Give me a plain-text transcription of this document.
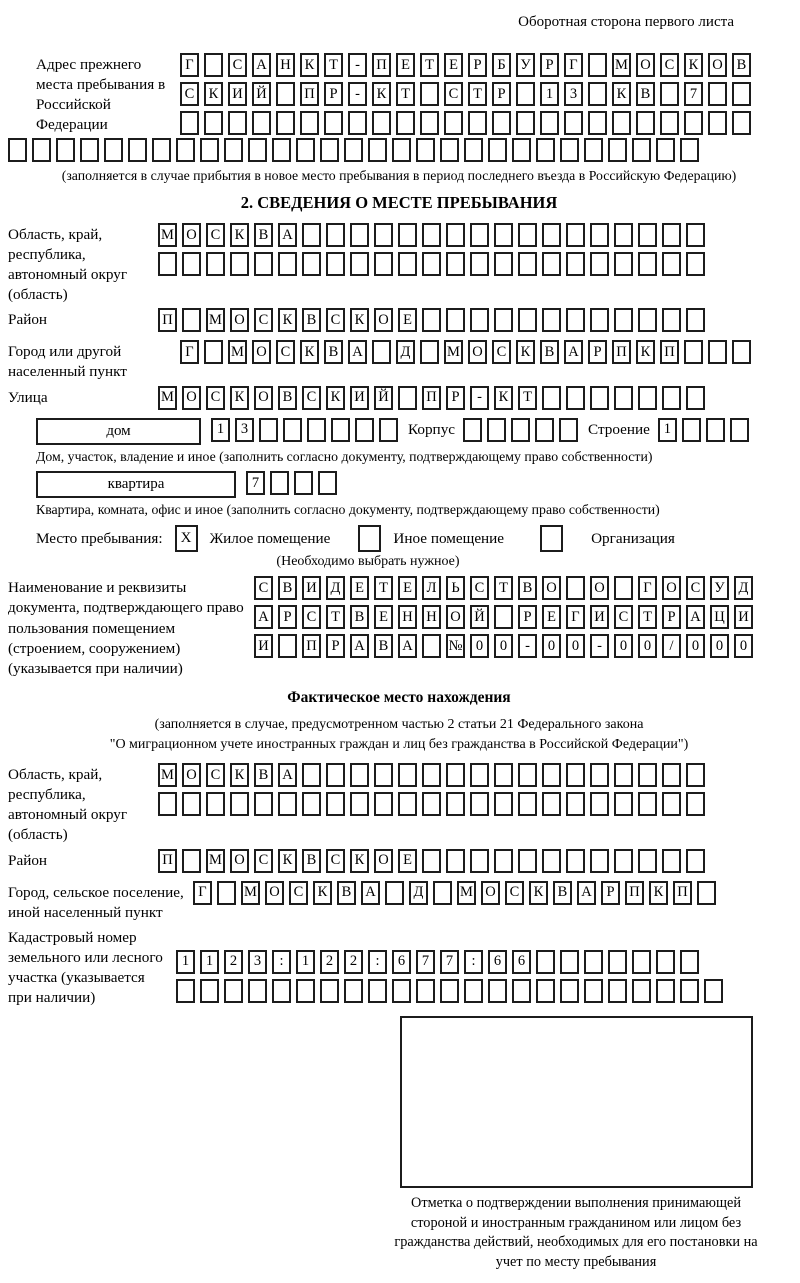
Оборотная сторона первого листа
Адрес прежнего места пребывания в Российской Федерации
Г	С А Н К	Т	-	П Е	Т	Е	Р	Б	У	Р	Г	М О С К О В
С К И Й	П	Р	-	К	Т	С	Т	Р	1	3	К В	7
(заполняется в случае прибытия в новое место пребывания в период последнего въезда в Российскую Федерацию)
2. СВЕДЕНИЯ О МЕСТЕ ПРЕБЫВАНИЯ
Область, край, республика, автономный округ (область)
М О С К В А
Район	П	М О С К В С К О Е
Город или другой населенный пункт
Г	М О С К В А	Д	М О С К В А	Р	П К П
Улица	М О С К О В С К И Й	П	Р	-	К	Т
дом	1	3	Корпус	Строение 1
Дом, участок, владение и иное (заполнить согласно документу, подтверждающему право собственности)
квартира	7
Квартира, комната, офис и иное (заполнить согласно документу, подтверждающему право собственности)
Место пребывания:	X	Жилое помещение	Иное помещение	Организация
(Необходимо выбрать нужное)
Наименование и реквизиты документа, подтверждающего право пользования помещением (строением, сооружением) (указывается при наличии)
С В И Д	Е	Т	Е	Л	Ь	С	Т	В О	О	Г	О С У Д
А	Р	С	Т	В	Е Н Н О Й	Р	Е	Г	И С	Т	Р	А Ц И
И	П	Р	А В А № 0	0	-	0	0	-	0	0	/	0	0	0
Фактическое место нахождения
(заполняется в случае, предусмотренном частью 2 статьи 21 Федерального закона
"О миграционном учете иностранных граждан и лиц без гражданства в Российской Федерации")
Область, край, республика, автономный округ (область)
М О С К В А
Район	П	М О С К В С К О Е
Город, сельское поселение, иной населенный пункт
Г	М О С К В А	Д	М О С К В А	Р	П К П
Кадастровый номер земельного или лесного участка (указывается при наличии)
1	1	2	3	:	1	2	2	:	6	7	7	:	6	6
Отметка о подтверждении выполнения принимающей стороной и иностранным гражданином или лицом без гражданства действий, необходимых для его постановки на учет по месту пребывания
